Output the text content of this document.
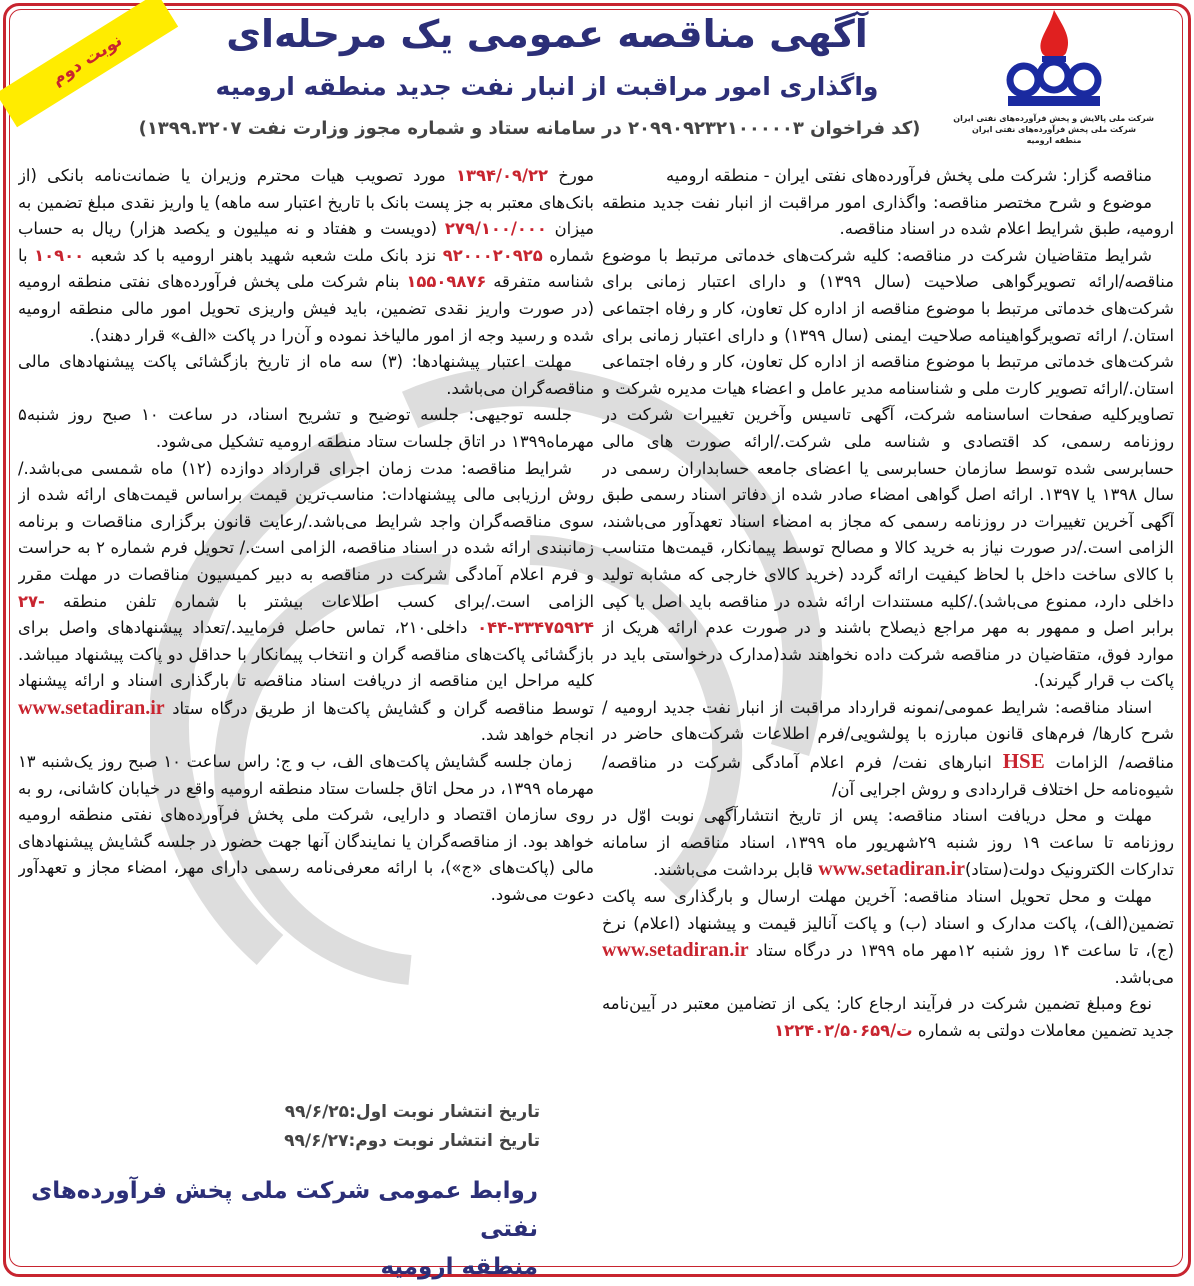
نوبت دوم
شرکت ملی پالایش و پخش فرآورده‌های نفتی ایران
شرکت ملی پخش فرآورده‌های نفتی ایران
منطقه ارومیه
آگهی مناقصه عمومی یک مرحله‌ای
واگذاری امور مراقبت از انبار نفت جدید منطقه ارومیه
(کد فراخوان ۲۰۹۹۰۹۲۳۲۱۰۰۰۰۰۳ در سامانه ستاد و شماره مجوز وزارت نفت ۱۳۹۹.۳۲۰۷)

مناقصه گزار: شرکت ملی پخش فرآورده‌های نفتی ایران - منطقه ارومیه

موضوع و شرح مختصر مناقصه: واگذاری امور مراقبت از انبار نفت جدید منطقه ارومیه، طبق شرایط اعلام شده در اسناد مناقصه.

شرایط متقاضیان شرکت در مناقصه: کلیه شرکت‌های خدماتی مرتبط با موضوع مناقصه/ارائه تصویرگواهی صلاحیت (سال ۱۳۹۹) و دارای اعتبار زمانی برای شرکت‌های خدماتی مرتبط با موضوع مناقصه از اداره کل تعاون، کار و رفاه اجتماعی استان./ ارائه تصویرگواهینامه صلاحیت ایمنی (سال ۱۳۹۹) و دارای اعتبار زمانی برای شرکت‌های خدماتی مرتبط با موضوع مناقصه از اداره کل تعاون، کار و رفاه اجتماعی استان./ارائه تصویر کارت ملی و شناسنامه مدیر عامل و اعضاء هیات مدیره شرکت و تصاویرکلیه صفحات اساسنامه شرکت، آگهی تاسیس وآخرین تغییرات شرکت در روزنامه رسمی، کد اقتصادی و شناسه ملی شرکت./ارائه صورت های مالی حسابرسی شده توسط سازمان حسابرسی یا اعضای جامعه حسابداران رسمی در سال ۱۳۹۸ یا ۱۳۹۷. ارائه اصل گواهی امضاء صادر شده از دفاتر اسناد رسمی طبق آگهی آخرین تغییرات در روزنامه رسمی که مجاز به امضاء اسناد تعهدآور می‌باشند، الزامی است./در صورت نیاز به خرید کالا و مصالح توسط پیمانکار، قیمت‌ها متناسب با کالای ساخت داخل با لحاظ کیفیت ارائه گردد (خرید کالای خارجی که مشابه تولید داخلی دارد، ممنوع می‌باشد)./کلیه مستندات ارائه شده در مناقصه باید اصل یا کپی برابر اصل و ممهور به مهر مراجع ذیصلاح باشند و در صورت عدم ارائه هریک از موارد فوق، متقاضیان در مناقصه شرکت داده نخواهند شد(مدارک درخواستی باید در پاکت ب قرار گیرند).

اسناد مناقصه: شرایط عمومی/نمونه قرارداد مراقبت از انبار نفت جدید ارومیه /شرح کارها/ فرم‌های قانون مبارزه با پولشویی/فرم اطلاعات شرکت‌های حاضر در مناقصه/ الزامات HSE انبارهای نفت/ فرم اعلام آمادگی شرکت در مناقصه/ شیوه‌نامه حل اختلاف قراردادی و روش اجرایی آن/

مهلت و محل دریافت اسناد مناقصه: پس از تاریخ انتشارآگهی نوبت اوّل در روزنامه تا ساعت ۱۹ روز شنبه ۲۹شهریور ماه ۱۳۹۹، اسناد مناقصه از سامانه تدارکات الکترونیک دولت(ستاد)www.setadiran.ir قابل برداشت می‌باشند.

مهلت و محل تحویل اسناد مناقصه: آخرین مهلت ارسال و بارگذاری سه پاکت تضمین(الف)، پاکت مدارک و اسناد (ب) و پاکت آنالیز قیمت و پیشنهاد (اعلام) نرخ (ج)، تا ساعت ۱۴ روز شنبه ۱۲مهر ماه ۱۳۹۹ در درگاه ستاد www.setadiran.ir می‌باشد.

نوع ومبلغ تضمین شرکت در فرآیند ارجاع کار: یکی از تضامین معتبر در آیین‌نامه جدید تضمین معاملات دولتی به شماره ۱۲۲۴۰۲/ت/۵۰۶۵۹

مورخ ۱۳۹۴/۰۹/۲۲ مورد تصویب هیات محترم وزیران یا ضمانت‌نامه بانکی (از بانک‌های معتبر به جز پست بانک با تاریخ اعتبار سه ماهه) یا واریز نقدی مبلغ تضمین به میزان ۲۷۹/۱۰۰/۰۰۰ (دویست و هفتاد و نه میلیون و یکصد هزار) ریال به حساب شماره ۹۲۰۰۰۲۰۹۲۵ نزد بانک ملت شعبه شهید باهنر ارومیه با کد شعبه ۱۰۹۰۰ با شناسه متفرقه ۱۵۵۰۹۸۷۶ بنام شرکت ملی پخش فرآورده‌های نفتی منطقه ارومیه (در صورت واریز نقدی تضمین، باید فیش واریزی تحویل امور مالی منطقه ارومیه شده و رسید وجه از امور مالیاخذ نموده و آن‌را در پاکت «الف» قرار دهند).

مهلت اعتبار پیشنهادها: (۳) سه ماه از تاریخ بازگشائی پاکت پیشنهادهای مالی مناقصه‌گران می‌باشد.

جلسه توجیهی: جلسه توضیح و تشریح اسناد، در ساعت ۱۰ صبح روز شنبه۵ مهرماه۱۳۹۹ در اتاق جلسات ستاد منطقه ارومیه تشکیل می‌شود.

شرایط مناقصه: مدت زمان اجرای قرارداد دوازده (۱۲) ماه شمسی می‌باشد./روش ارزیابی مالی پیشنهادات: مناسب‌ترین قیمت براساس قیمت‌های ارائه شده از سوی مناقصه‌گران واجد شرایط می‌باشد./رعایت قانون برگزاری مناقصات و برنامه زمانبندی ارائه شده در اسناد مناقصه، الزامی است./ تحویل فرم شماره ۲ به حراست و فرم اعلام آمادگی شرکت در مناقصه به دبیر کمیسیون مناقصات در مهلت مقرر الزامی است./برای کسب اطلاعات بیشتر با شماره تلفن منطقه ۲۷- ۰۴۴-۳۳۴۷۵۹۲۴ داخلی۲۱۰، تماس حاصل فرمایید./تعداد پیشنهادهای واصل برای بازگشائی پاکت‌های مناقصه گران و انتخاب پیمانکار با حداقل دو پاکت پیشنهاد میباشد. کلیه مراحل این مناقصه از دریافت اسناد مناقصه تا بارگذاری اسناد و ارائه پیشنهاد توسط مناقصه گران و گشایش پاکت‌ها از طریق درگاه ستاد www.setadiran.ir انجام خواهد شد.

زمان جلسه گشایش پاکت‌های الف، ب و ج: راس ساعت ۱۰ صبح روز یک‌شنبه ۱۳ مهرماه ۱۳۹۹، در محل اتاق جلسات ستاد منطقه ارومیه واقع در خیابان کاشانی، رو به روی سازمان اقتصاد و دارایی، شرکت ملی پخش فرآورده‌های نفتی منطقه ارومیه خواهد بود. از مناقصه‌گران یا نمایندگان آنها جهت حضور در جلسه گشایش پیشنهادهای مالی (پاکت‌های «ج»)، با ارائه معرفی‌نامه رسمی دارای مهر، امضاء مجاز و تعهدآور دعوت می‌شود.

تاریخ انتشار نوبت اول:۹۹/۶/۲۵
تاریخ انتشار نوبت دوم:۹۹/۶/۲۷
روابط عمومی شرکت ملی پخش فرآورده‌های نفتی
منطقه ارومیه
